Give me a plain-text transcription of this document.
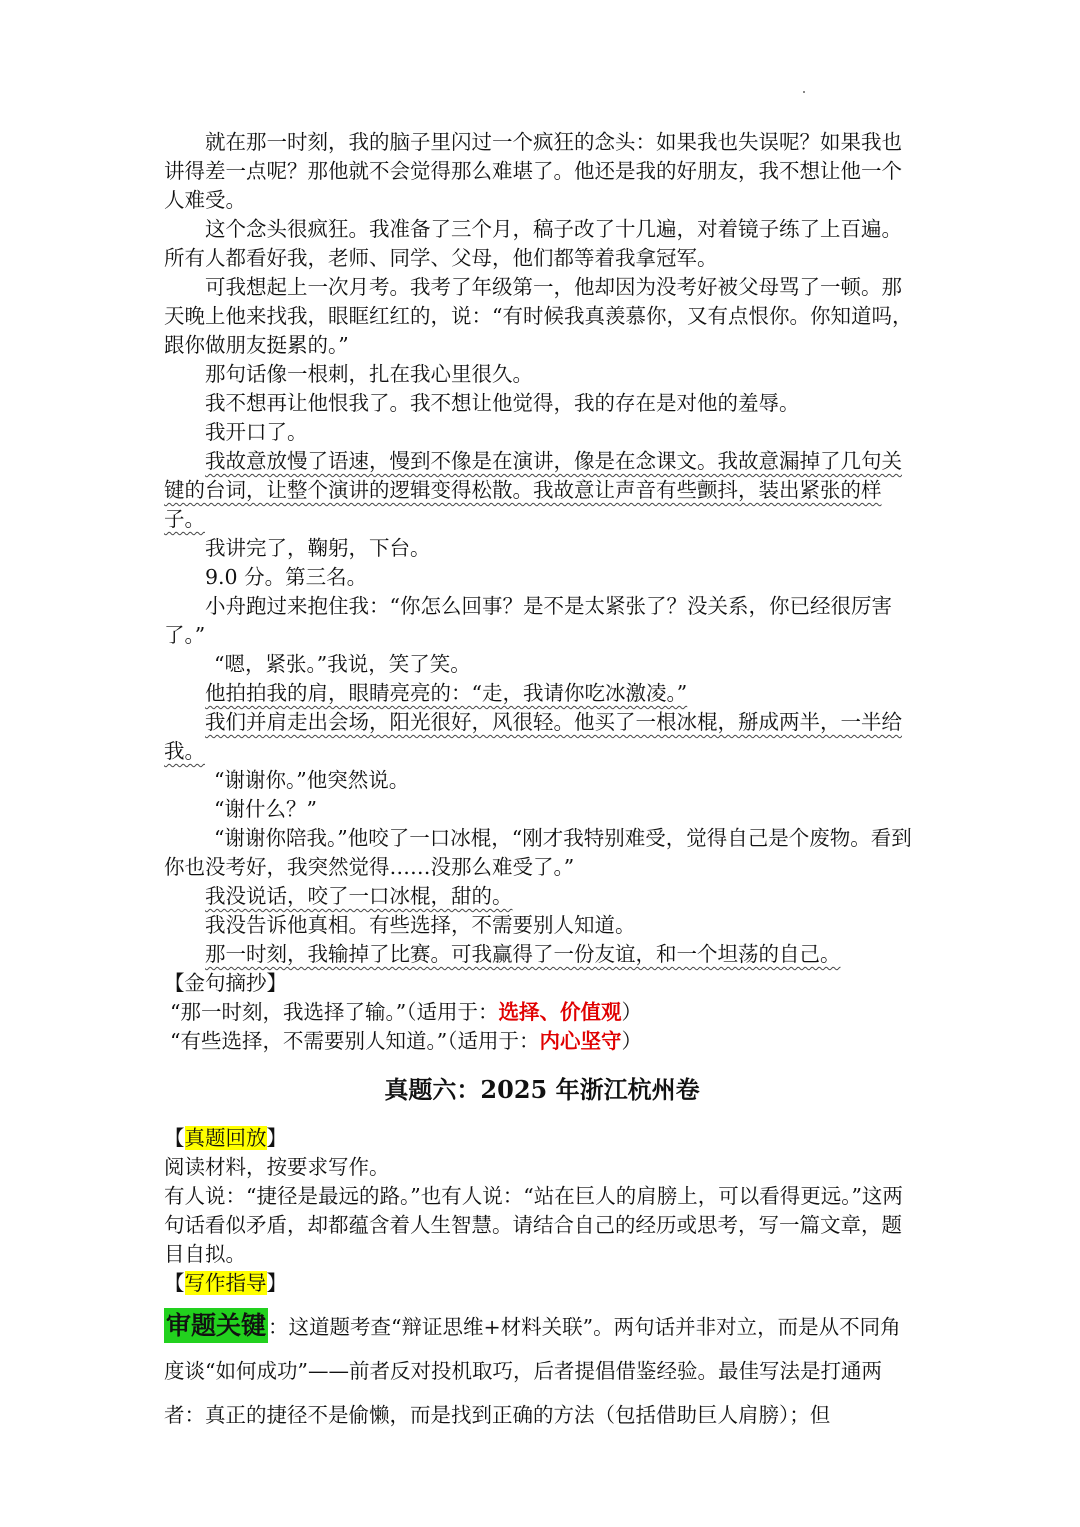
就在那一时刻，我的脑子里闪过一个疯狂的念头：如果我也失误呢？如果我也讲得差一点呢？那他就不会觉得那么难堪了。他还是我的好朋友，我不想让他一个人难受。

这个念头很疯狂。我准备了三个月，稿子改了十几遍，对着镜子练了上百遍。所有人都看好我，老师、同学、父母，他们都等着我拿冠军。

可我想起上一次月考。我考了年级第一，他却因为没考好被父母骂了一顿。那天晚上他来找我，眼眶红红的，说：“有时候我真羡慕你，又有点恨你。你知道吗，跟你做朋友挺累的。”

那句话像一根刺，扎在我心里很久。

我不想再让他恨我了。我不想让他觉得，我的存在是对他的羞辱。

我开口了。

我故意放慢了语速，慢到不像是在演讲，像是在念课文。我故意漏掉了几句关键的台词，让整个演讲的逻辑变得松散。我故意让声音有些颤抖，装出紧张的样子。

我讲完了，鞠躬，下台。

9.0 分。第三名。

小舟跑过来抱住我：“你怎么回事？是不是太紧张了？没关系，你已经很厉害了。”

“嗯，紧张。”我说，笑了笑。

他拍拍我的肩，眼睛亮亮的：“走，我请你吃冰激凌。”

我们并肩走出会场，阳光很好，风很轻。他买了一根冰棍，掰成两半，一半给我。

“谢谢你。”他突然说。

“谢什么？”

“谢谢你陪我。”他咬了一口冰棍，“刚才我特别难受，觉得自己是个废物。看到你也没考好，我突然觉得……没那么难受了。”

我没说话，咬了一口冰棍，甜的。

我没告诉他真相。有些选择，不需要别人知道。

那一时刻，我输掉了比赛。可我赢得了一份友谊，和一个坦荡的自己。

【金句摘抄】

“那一时刻，我选择了输。”（适用于：选择、价值观）

“有些选择，不需要别人知道。”（适用于：内心坚守）

真题六：2025 年浙江杭州卷

【真题回放】

阅读材料，按要求写作。

有人说：“捷径是最远的路。”也有人说：“站在巨人的肩膀上，可以看得更远。”这两句话看似矛盾，却都蕴含着人生智慧。请结合自己的经历或思考，写一篇文章，题目自拟。

【写作指导】

审题关键：这道题考查“辩证思维+材料关联”。两句话并非对立，而是从不同角度谈“如何成功”——前者反对投机取巧，后者提倡借鉴经验。最佳写法是打通两者：真正的捷径不是偷懒，而是找到正确的方法（包括借助巨人肩膀）；但
